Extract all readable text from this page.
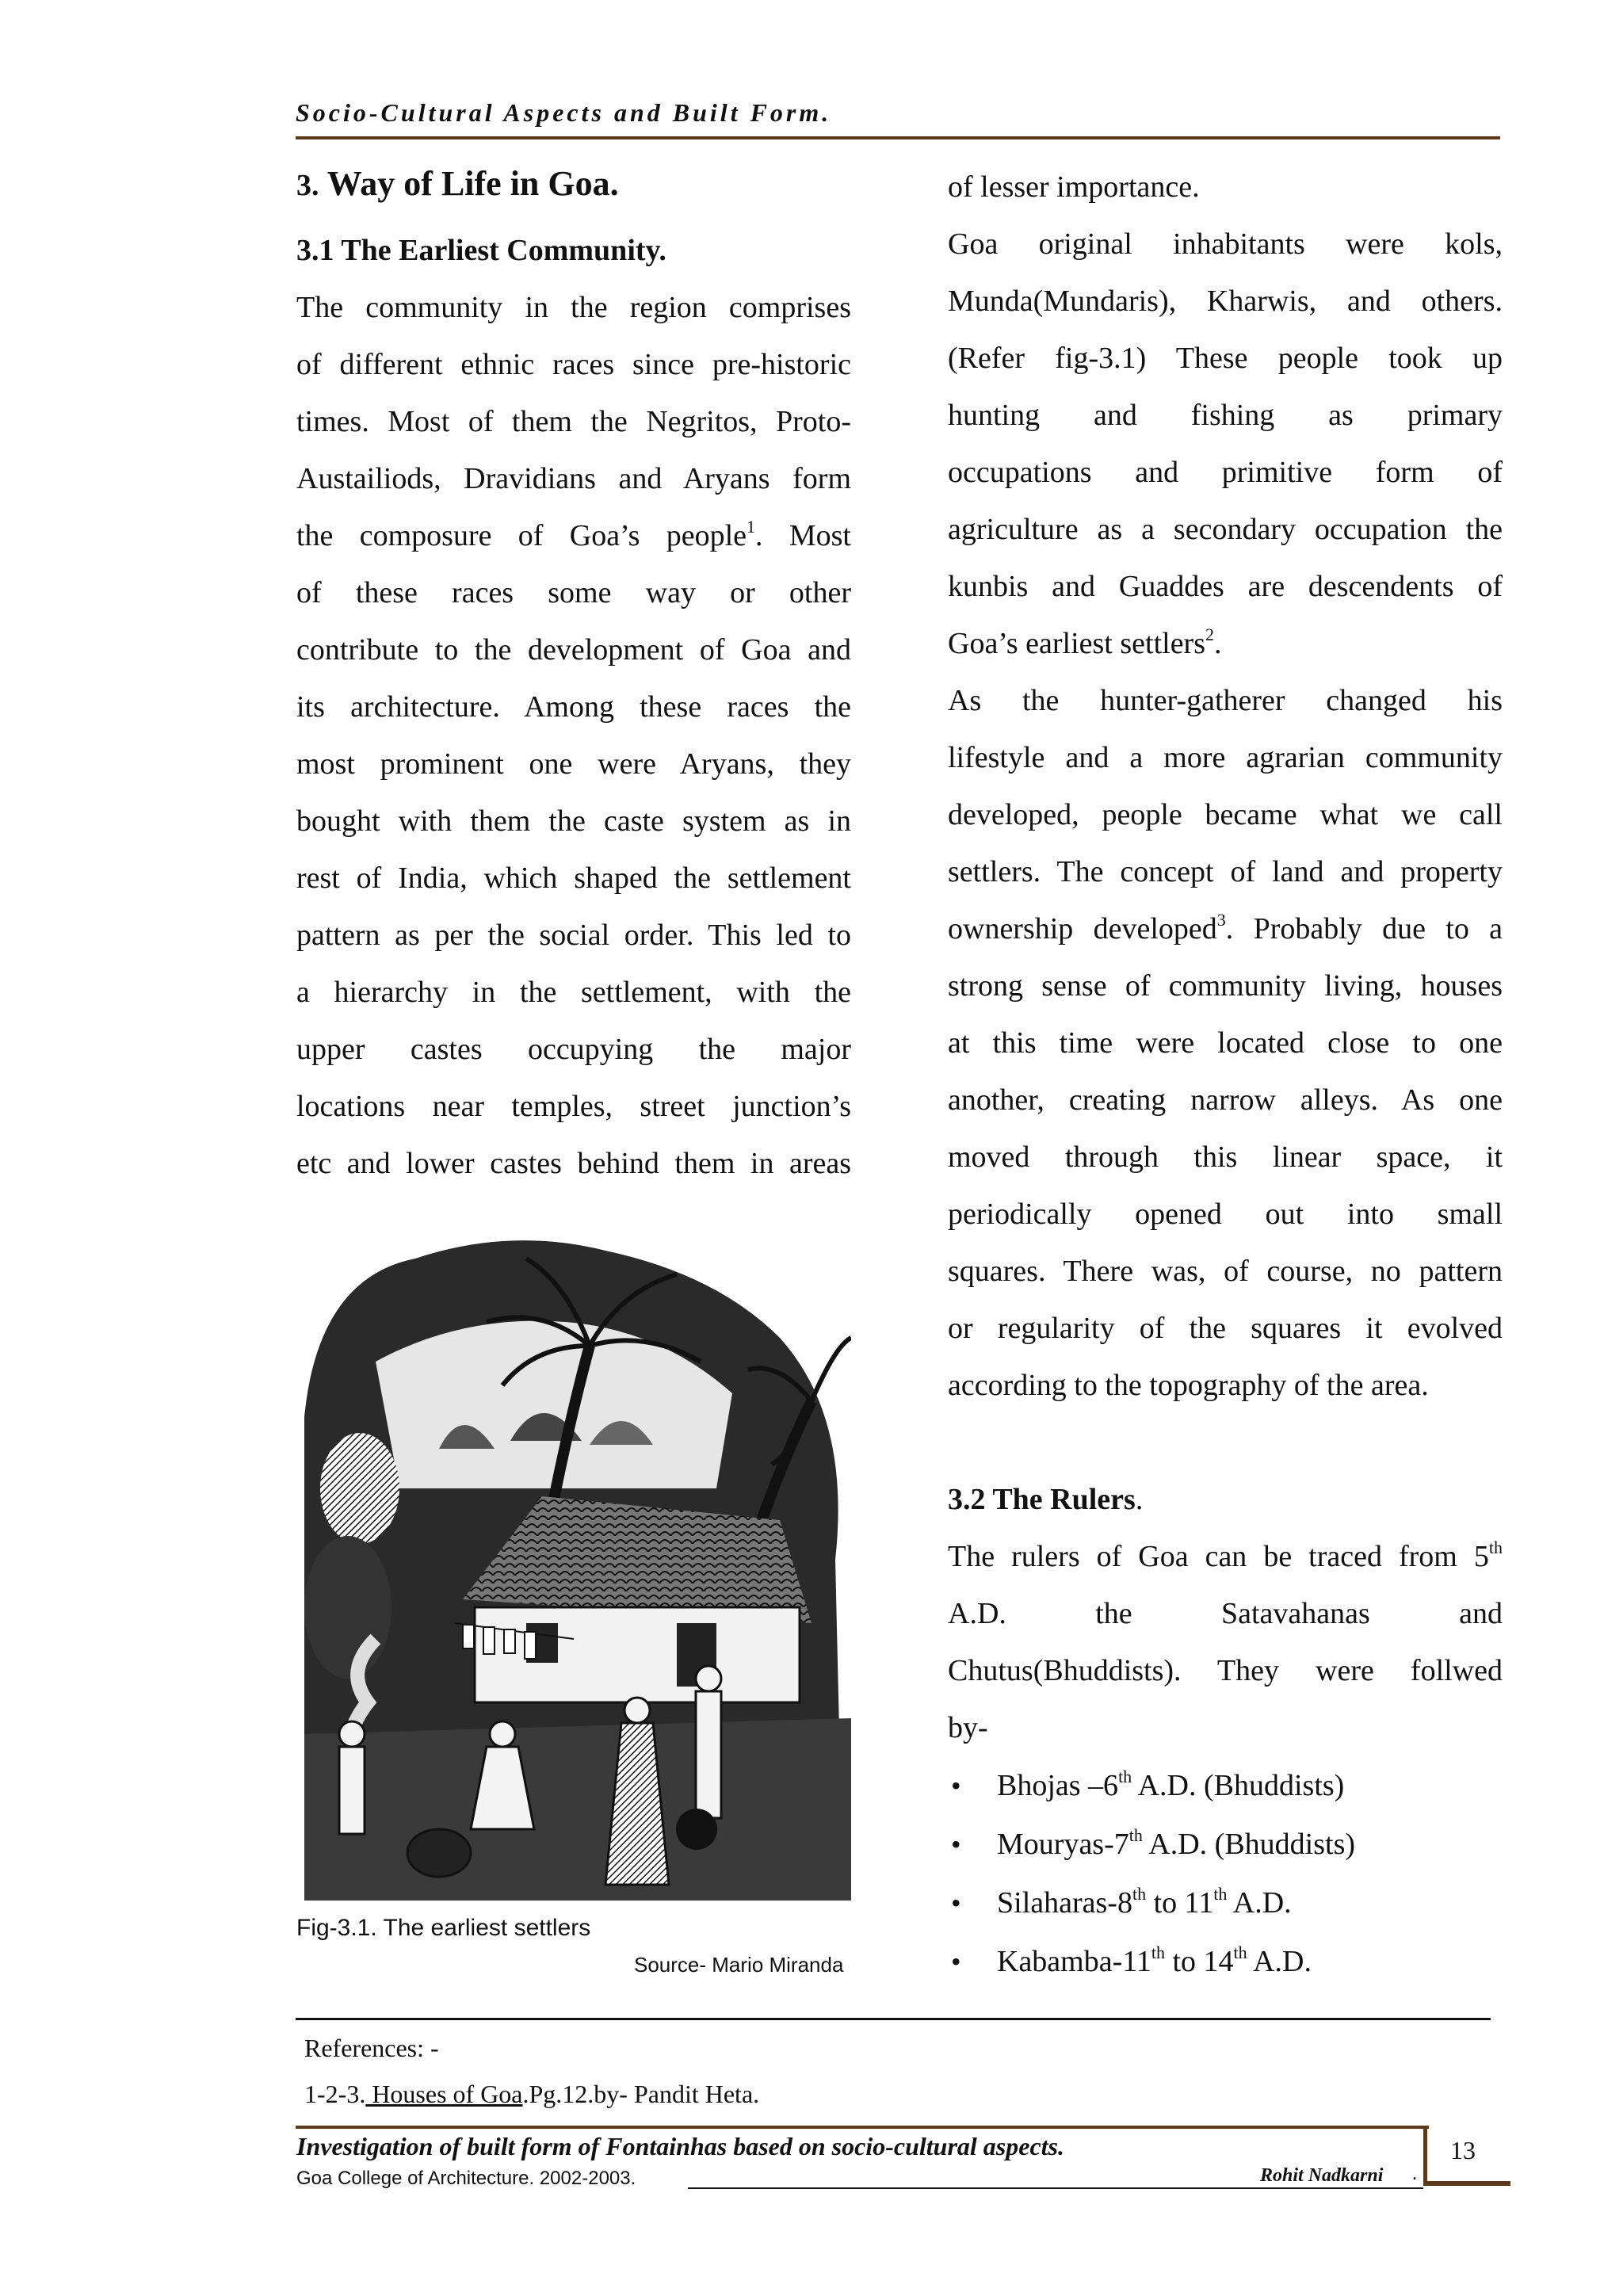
Socio-Cultural Aspects and Built Form.
3. Way of Life in Goa.
3.1 The Earliest Community.
The community in the region comprises
of different ethnic races since pre-historic
times. Most of them the Negritos, Proto-
Austailiods, Dravidians and Aryans form
the composure of Goa’s people$^1$. Most
of these races some way or other
contribute to the development of Goa and
its architecture. Among these races the
most prominent one were Aryans, they
bought with them the caste system as in
rest of India, which shaped the settlement
pattern as per the social order. This led to
a hierarchy in the settlement, with the
upper castes occupying the major
locations near temples, street junction’s
etc and lower castes behind them in areas
Fig-3.1. The earliest settlers
Source- Mario Miranda
of lesser importance.
Goa original inhabitants were kols,
Munda(Mundaris), Kharwis, and others.
(Refer fig-3.1) These people took up
hunting and fishing as primary
occupations and primitive form of
agriculture as a secondary occupation the
kunbis and Guaddes are descendents of
Goa’s earliest settlers$^2$.
As the hunter-gatherer changed his
lifestyle and a more agrarian community
developed, people became what we call
settlers. The concept of land and property
ownership developed$^3$. Probably due to a
strong sense of community living, houses
at this time were located close to one
another, creating narrow alleys. As one
moved through this linear space, it
periodically opened out into small
squares. There was, of course, no pattern
or regularity of the squares it evolved
according to the topography of the area.
3.2 The Rulers.
The rulers of Goa can be traced from 5th
A.D. the Satavahanas and
Chutus(Bhuddists). They were follwed
by-
• Bhojas –6th A.D. (Bhuddists)
• Mouryas-7th A.D. (Bhuddists)
• Silaharas-8th to 11th A.D.
• Kabamba-11th to 14th A.D.
References: -
1-2-3. Houses of Goa.Pg.12.by- Pandit Heta.
Investigation of built form of Fontainhas based on socio-cultural aspects.
Goa College of Architecture. 2002-2003.	Rohit Nadkarni .
13
